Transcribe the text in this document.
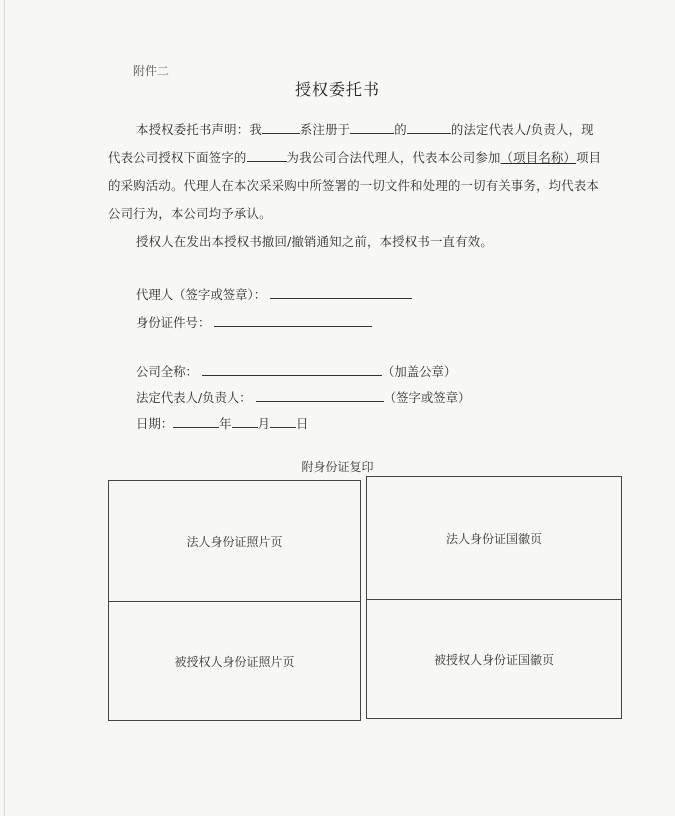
附件二
授权委托书
本授权委托书声明：我	系注册于	的	的法定代表人/负责人，现代表公司授权下面签字的	为我公司合法代理人，代表本公司参加（项目名称）项目的采购活动。代理人在本次采采购中所签署的一切文件和处理的一切有关事务，均代表本公司行为，本公司均予承认。
授权人在发出本授权书撤回/撤销通知之前，本授权书一直有效。
代理人（签字或签章）：
身份证件号：
公司全称：	（加盖公章）
法定代表人/负责人：	（签字或签章）
日期：	年 月 日
附身份证复印
法人身份证照片页	法人身份证国徽页
被授权人身份证照片页	被授权人身份证国徽页
